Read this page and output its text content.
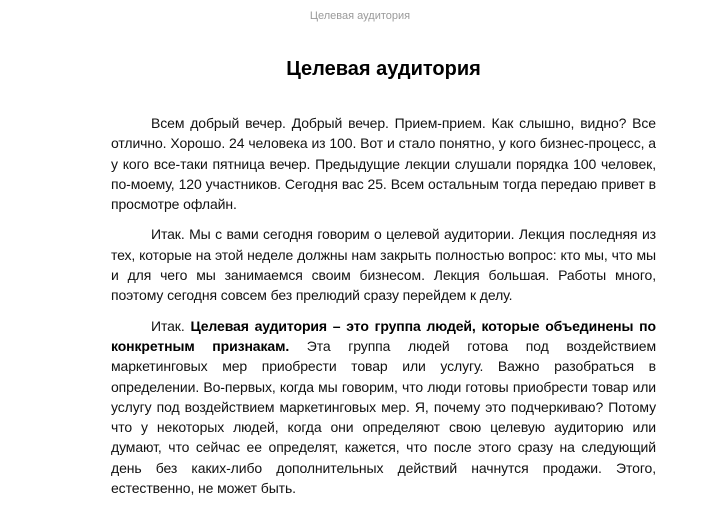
Целевая аудитория
Целевая аудитория

Всем добрый вечер. Добрый вечер. Прием-прием. Как слышно, видно? Все отлично. Хорошо. 24 человека из 100. Вот и стало понятно, у кого бизнес-процесс, а у кого все-таки пятница вечер. Предыдущие лекции слушали порядка 100 человек, по-моему, 120 участников. Сегодня вас 25. Всем остальным тогда передаю привет в просмотре офлайн.

Итак. Мы с вами сегодня говорим о целевой аудитории. Лекция последняя из тех, которые на этой неделе должны нам закрыть полностью вопрос: кто мы, что мы и для чего мы занимаемся своим бизнесом. Лекция большая. Работы много, поэтому сегодня совсем без прелюдий сразу перейдем к делу.

Итак. Целевая аудитория – это группа людей, которые объединены по конкретным признакам. Эта группа людей готова под воздействием маркетинговых мер приобрести товар или услугу. Важно разобраться в определении. Во-первых, когда мы говорим, что люди готовы приобрести товар или услугу под воздействием маркетинговых мер. Я, почему это подчеркиваю? Потому что у некоторых людей, когда они определяют свою целевую аудиторию или думают, что сейчас ее определят, кажется, что после этого сразу на следующий день без каких-либо дополнительных действий начнутся продажи. Этого, естественно, не может быть.
